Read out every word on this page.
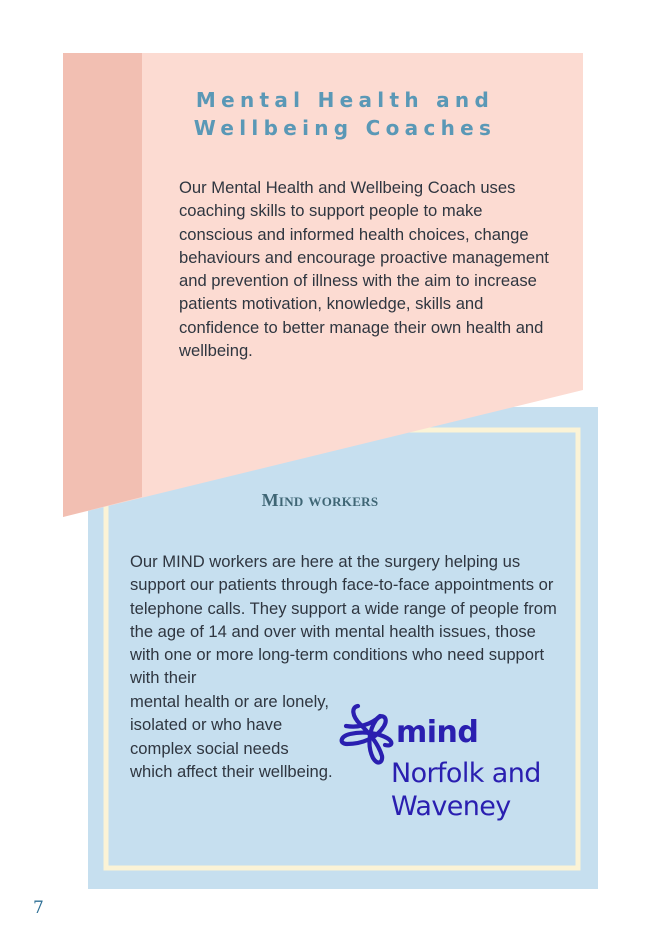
Mental Health and
Wellbeing Coaches

Our Mental Health and Wellbeing Coach uses coaching skills to support people to make conscious and informed health choices, change behaviours and encourage proactive management and prevention of illness with the aim to increase patients motivation, knowledge, skills and confidence to better manage their own health and wellbeing.

Mind workers

Our MIND workers are here at the surgery helping us support our patients through face-to-face appointments or telephone calls. They support a wide range of people from the age of 14 and over with mental health issues, those with one or more long-term conditions who need support with their

mental health or are lonely, isolated or who have complex social needs which affect their wellbeing.

mind
Norfolk and
Waveney
7
